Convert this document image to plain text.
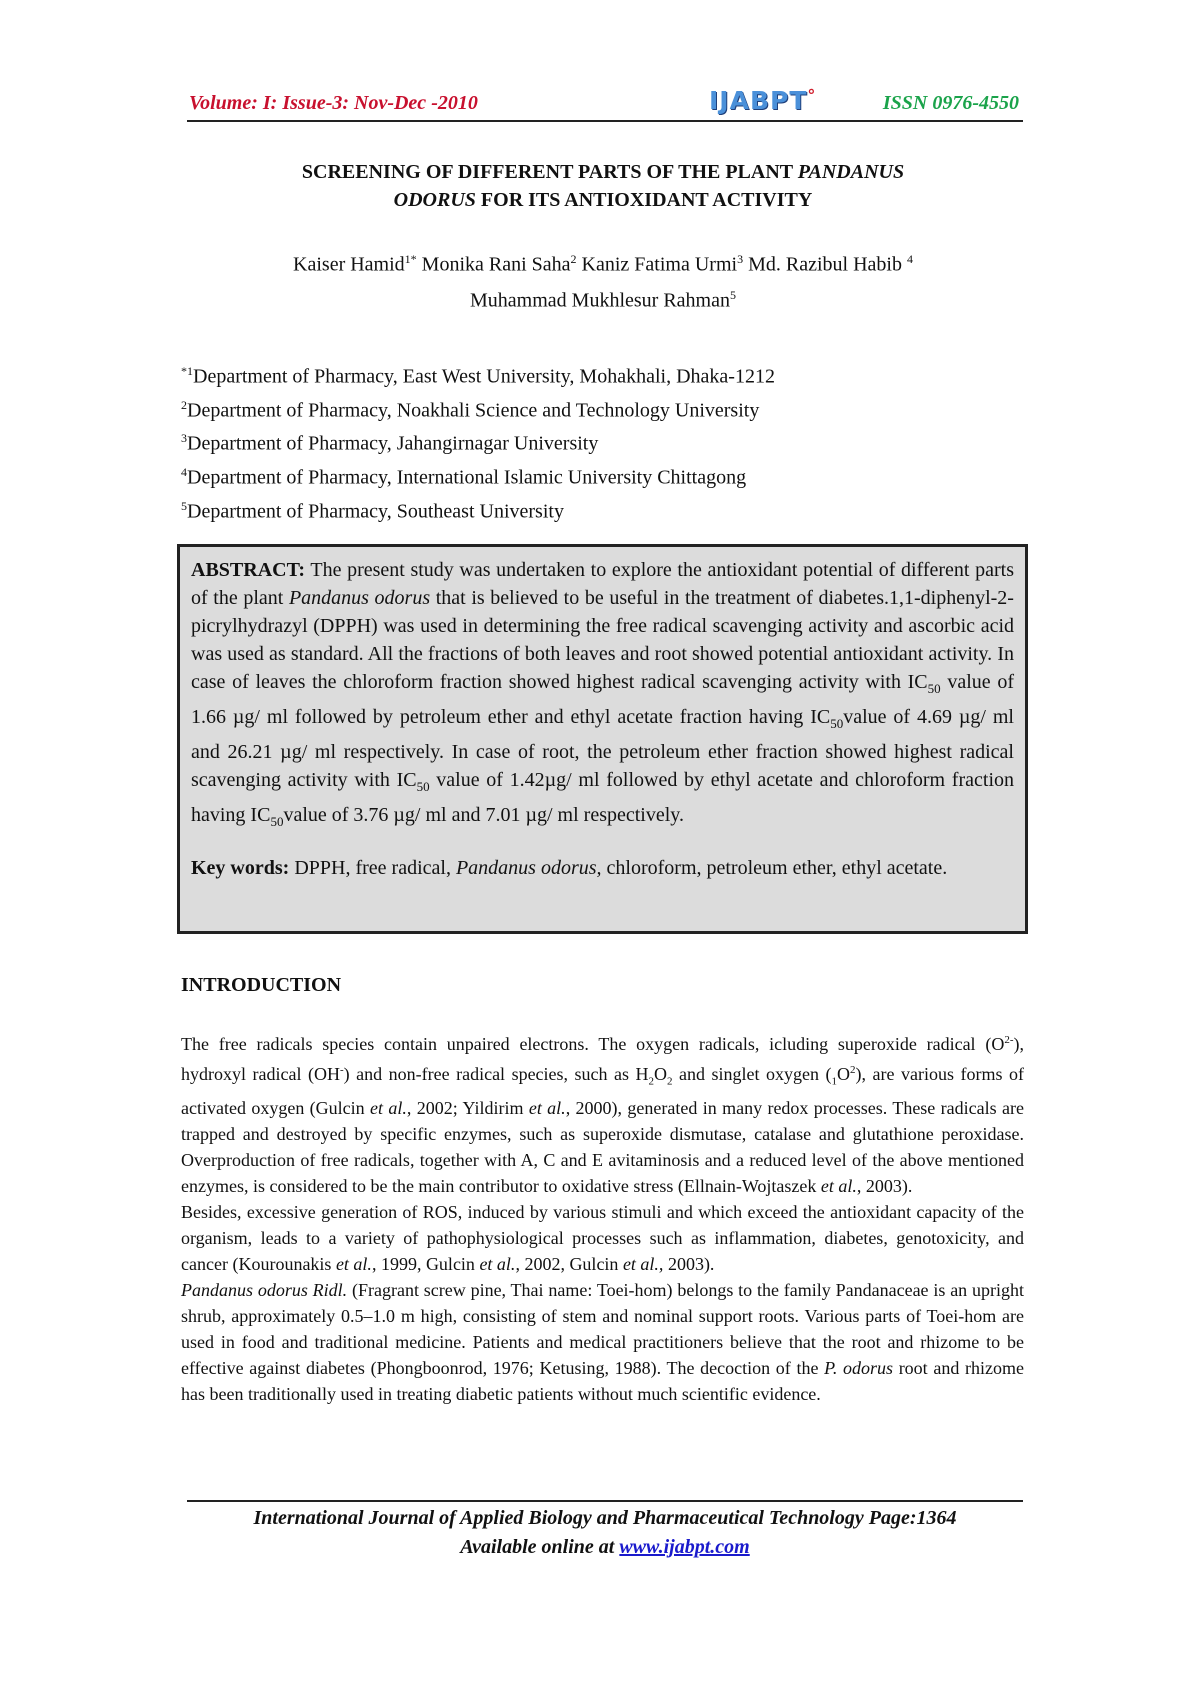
Volume: I: Issue-3: Nov-Dec -2010	IJABPT°	ISSN 0976-4550
SCREENING OF DIFFERENT PARTS OF THE PLANT PANDANUS
ODORUS FOR ITS ANTIOXIDANT ACTIVITY
Kaiser Hamid$^{1*}$ Monika Rani Saha$^2$ Kaniz Fatima Urmi$^3$ Md. Razibul Habib $^4$
Muhammad Mukhlesur Rahman$^5$
$^{*1}$Department of Pharmacy, East West University, Mohakhali, Dhaka-1212
$^2$Department of Pharmacy, Noakhali Science and Technology University
$^3$Department of Pharmacy, Jahangirnagar University
$^4$Department of Pharmacy, International Islamic University Chittagong
$^5$Department of Pharmacy, Southeast University
ABSTRACT: The present study was undertaken to explore the antioxidant potential of different parts of the plant Pandanus odorus that is believed to be useful in the treatment of diabetes.1,1-diphenyl-2-picrylhydrazyl (DPPH) was used in determining the free radical scavenging activity and ascorbic acid was used as standard. All the fractions of both leaves and root showed potential antioxidant activity. In case of leaves the chloroform fraction showed highest radical scavenging activity with $IC_{50}$ value of 1.66 µg/ ml followed by petroleum ether and ethyl acetate fraction having $IC_{50}value$ of 4.69 µg/ ml and 26.21 µg/ ml respectively. In case of root, the petroleum ether fraction showed highest radical scavenging activity with $IC_{50}$ value of 1.42µg/ ml followed by ethyl acetate and chloroform fraction having $IC_{50}value$ of 3.76 µg/ ml and 7.01 µg/ ml respectively.
Key words: DPPH, free radical, Pandanus odorus, chloroform, petroleum ether, ethyl acetate.
INTRODUCTION

The free radicals species contain unpaired electrons. The oxygen radicals, icluding superoxide radical $(O^{2-})$, hydroxyl radical (OH-) and non-free radical species, such as $H_2O_2$ and singlet oxygen $(_1O^2)$, are various forms of activated oxygen (Gulcin et al., 2002; Yildirim et al., 2000), generated in many redox processes. These radicals are trapped and destroyed by specific enzymes, such as superoxide dismutase, catalase and glutathione peroxidase. Overproduction of free radicals, together with A, C and E avitaminosis and a reduced level of the above mentioned enzymes, is considered to be the main contributor to oxidative stress (Ellnain-Wojtaszek et al., 2003).

Besides, excessive generation of ROS, induced by various stimuli and which exceed the antioxidant capacity of the organism, leads to a variety of pathophysiological processes such as inflammation, diabetes, genotoxicity, and cancer (Kourounakis et al., 1999, Gulcin et al., 2002, Gulcin et al., 2003).

Pandanus odorus Ridl. (Fragrant screw pine, Thai name: Toei-hom) belongs to the family Pandanaceae is an upright shrub, approximately 0.5–1.0 m high, consisting of stem and nominal support roots. Various parts of Toei-hom are used in food and traditional medicine. Patients and medical practitioners believe that the root and rhizome to be effective against diabetes (Phongboonrod, 1976; Ketusing, 1988). The decoction of the P. odorus root and rhizome has been traditionally used in treating diabetic patients without much scientific evidence.

International Journal of Applied Biology and Pharmaceutical Technology Page:1364
Available online at www.ijabpt.com
